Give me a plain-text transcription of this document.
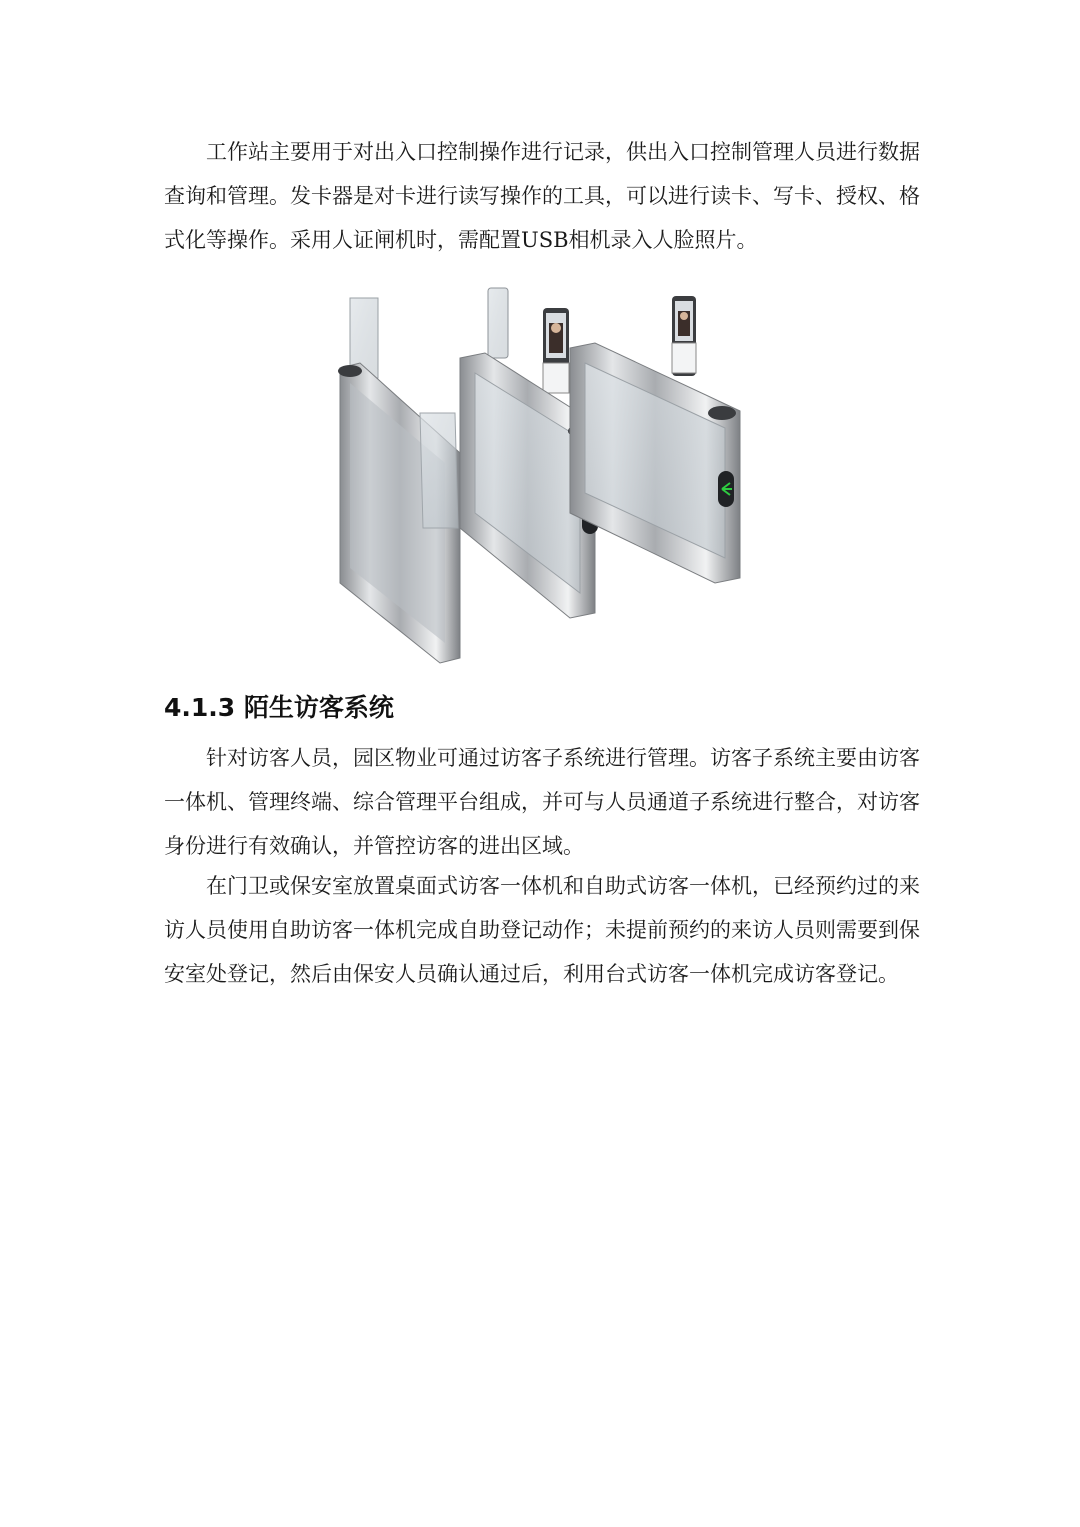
工作站主要用于对出入口控制操作进行记录，供出入口控制管理人员进行数据查询和管理。发卡器是对卡进行读写操作的工具，可以进行读卡、写卡、授权、格式化等操作。采用人证闸机时，需配置USB相机录入人脸照片。

4.1.3 陌生访客系统

针对访客人员，园区物业可通过访客子系统进行管理。访客子系统主要由访客一体机、管理终端、综合管理平台组成，并可与人员通道子系统进行整合，对访客身份进行有效确认，并管控访客的进出区域。

在门卫或保安室放置桌面式访客一体机和自助式访客一体机，已经预约过的来访人员使用自助访客一体机完成自助登记动作；未提前预约的来访人员则需要到保安室处登记，然后由保安人员确认通过后，利用台式访客一体机完成访客登记。
